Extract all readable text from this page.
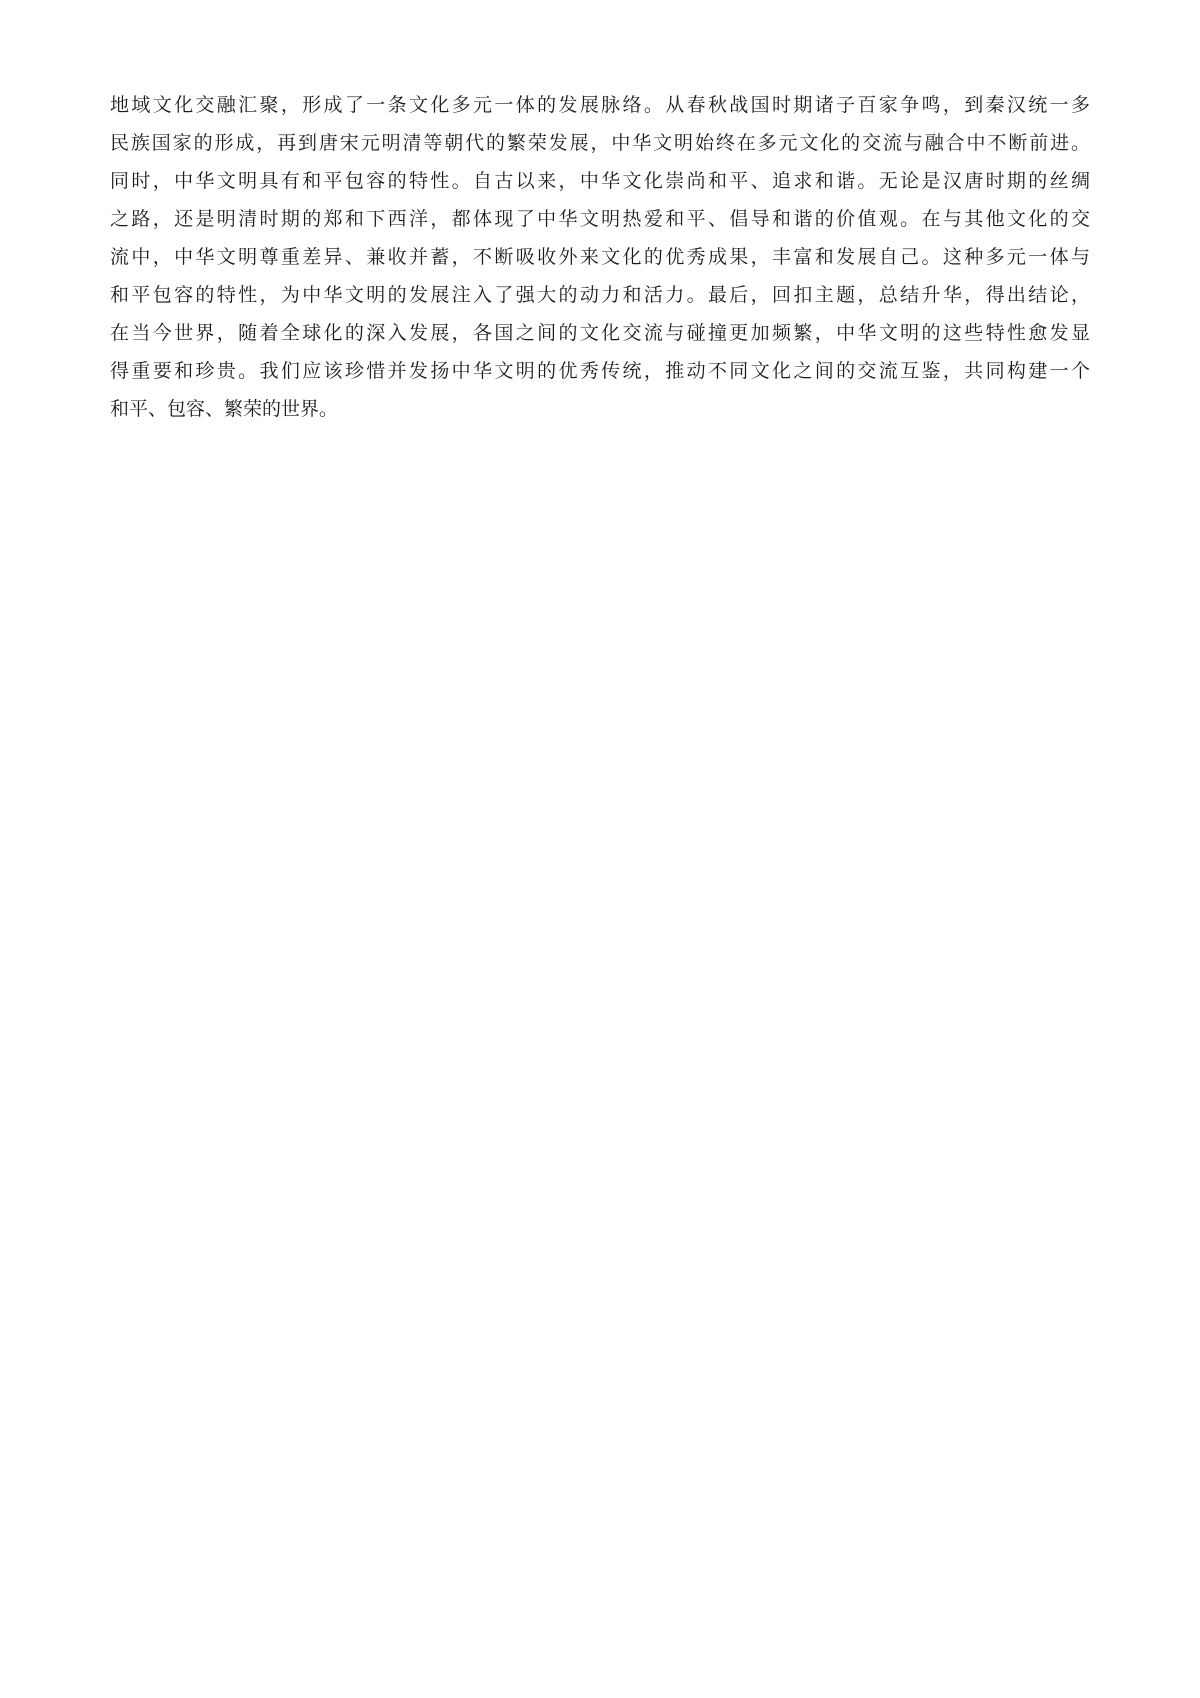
地域文化交融汇聚，形成了一条文化多元一体的发展脉络。从春秋战国时期诸子百家争鸣，到秦汉统一多
民族国家的形成，再到唐宋元明清等朝代的繁荣发展，中华文明始终在多元文化的交流与融合中不断前进。
同时，中华文明具有和平包容的特性。自古以来，中华文化崇尚和平、追求和谐。无论是汉唐时期的丝绸
之路，还是明清时期的郑和下西洋，都体现了中华文明热爱和平、倡导和谐的价值观。在与其他文化的交
流中，中华文明尊重差异、兼收并蓄，不断吸收外来文化的优秀成果，丰富和发展自己。这种多元一体与
和平包容的特性，为中华文明的发展注入了强大的动力和活力。最后，回扣主题，总结升华，得出结论，
在当今世界，随着全球化的深入发展，各国之间的文化交流与碰撞更加频繁，中华文明的这些特性愈发显
得重要和珍贵。我们应该珍惜并发扬中华文明的优秀传统，推动不同文化之间的交流互鉴，共同构建一个
和平、包容、繁荣的世界。
